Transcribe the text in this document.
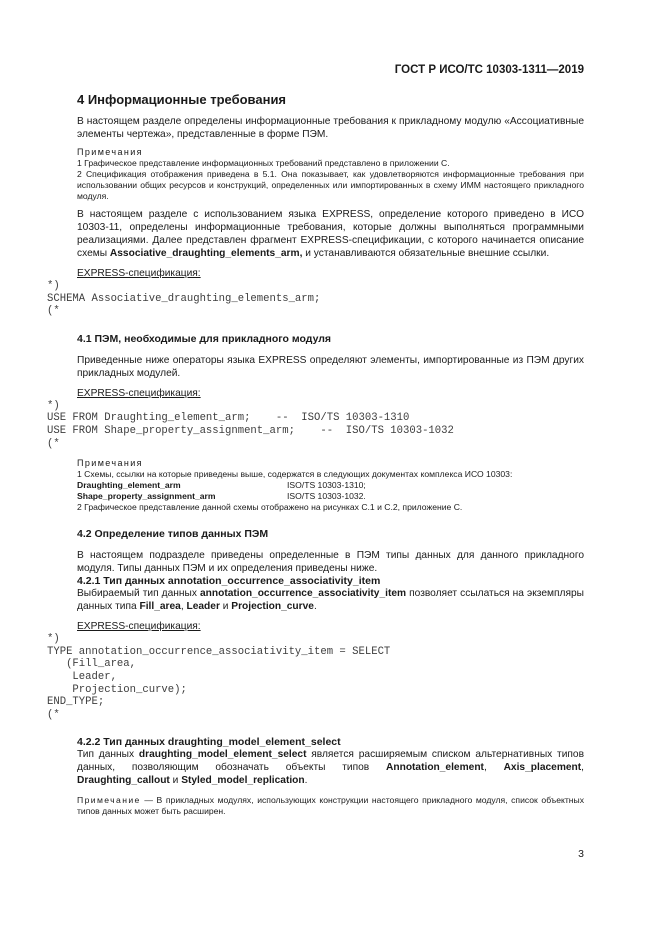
ГОСТ Р ИСО/ТС 10303-1311—2019
4 Информационные требования

В настоящем разделе определены информационные требования к прикладному модулю «Ассоциативные элементы чертежа», представленные в форме ПЭМ.

Примечания

1 Графическое представление информационных требований представлено в приложении С.

2 Спецификация отображения приведена в 5.1. Она показывает, как удовлетворяются информационные требования при использовании общих ресурсов и конструкций, определенных или импортированных в схему ИММ настоящего прикладного модуля.

В настоящем разделе с использованием языка EXPRESS, определение которого приведено в ИСО 10303-11, определены информационные требования, которые должны выполняться программными реализациями. Далее представлен фрагмент EXPRESS-спецификации, с которого начинается описание схемы Associative_draughting_elements_arm, и устанавливаются обязательные внешние ссылки.

EXPRESS-спецификация:
*)
SCHEMA Associative_draughting_elements_arm;
(*
4.1 ПЭМ, необходимые для прикладного модуля

Приведенные ниже операторы языка EXPRESS определяют элементы, импортированные из ПЭМ других прикладных модулей.

EXPRESS-спецификация:
*)
USE FROM Draughting_element_arm;    --  ISO/TS 10303-1310
USE FROM Shape_property_assignment_arm;    --  ISO/TS 10303-1032
(*
Примечания

1 Схемы, ссылки на которые приведены выше, содержатся в следующих документах комплекса ИСО 10303:

Draughting_element_arm	ISO/TS 10303-1310;
Shape_property_assignment_arm	ISO/TS 10303-1032.

2 Графическое представление данной схемы отображено на рисунках С.1 и С.2, приложение С.

4.2 Определение типов данных ПЭМ

В настоящем подразделе приведены определенные в ПЭМ типы данных для данного прикладного модуля. Типы данных ПЭМ и их определения приведены ниже.

4.2.1 Тип данных annotation_occurrence_associativity_item

Выбираемый тип данных annotation_occurrence_associativity_item позволяет ссылаться на экземпляры данных типа Fill_area, Leader и Projection_curve.

EXPRESS-спецификация:
*)
TYPE annotation_occurrence_associativity_item = SELECT
(Fill_area,
Leader,
Projection_curve);
END_TYPE;
(*
4.2.2 Тип данных draughting_model_element_select

Тип данных draughting_model_element_select является расширяемым списком альтернативных типов данных, позволяющим обозначать объекты типов Annotation_element, Axis_placement, Draughting_callout и Styled_model_replication.

Примечание — В прикладных модулях, использующих конструкции настоящего прикладного модуля, список объектных типов данных может быть расширен.

3
